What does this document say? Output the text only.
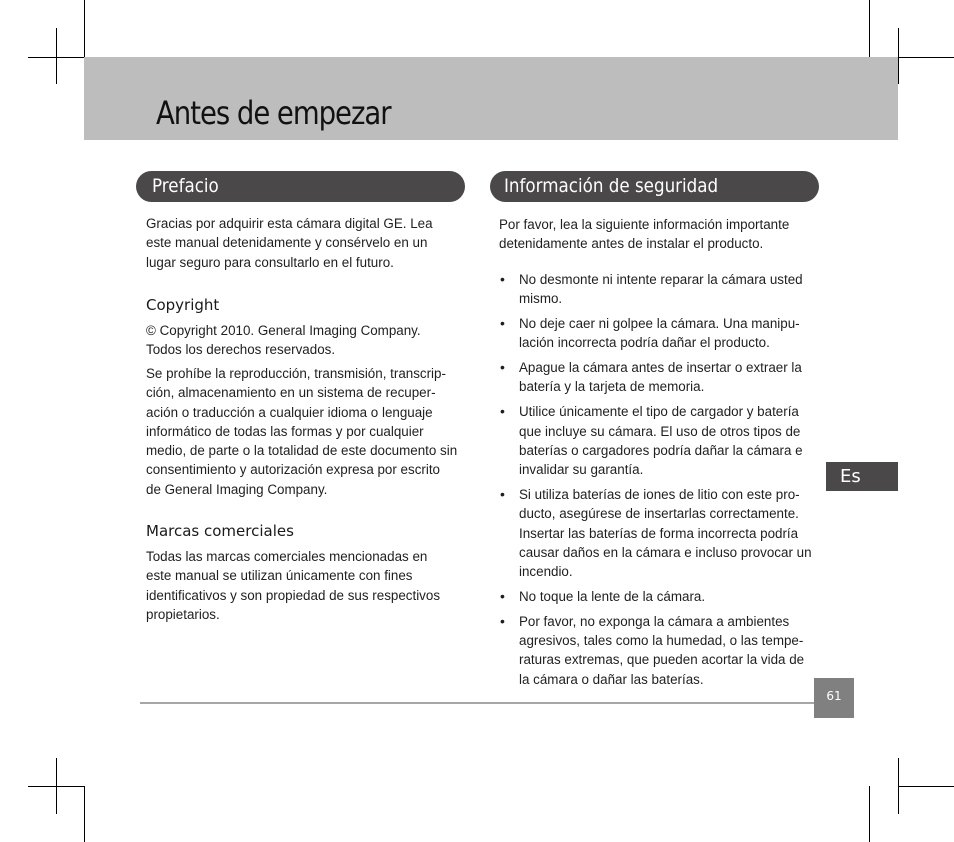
Antes de empezar
Prefacio
Gracias por adquirir esta cámara digital GE. Lea este manual detenidamente y consérvelo en un lugar seguro para consultarlo en el futuro.
Copyright
© Copyright 2010. General Imaging Company. Todos los derechos reservados.
Se prohíbe la reproducción, transmisión, transcrip-ción, almacenamiento en un sistema de recuper-ación o traducción a cualquier idioma o lenguaje informático de todas las formas y por cualquier medio, de parte o la totalidad de este documento sin consentimiento y autorización expresa por escrito de General Imaging Company.
Marcas comerciales
Todas las marcas comerciales mencionadas en este manual se utilizan únicamente con fines identificativos y son propiedad de sus respectivos propietarios.
Información de seguridad
Por favor, lea la siguiente información importante detenidamente antes de instalar el producto.
• No desmonte ni intente reparar la cámara usted mismo.
• No deje caer ni golpee la cámara. Una manipu-lación incorrecta podría dañar el producto.
• Apague la cámara antes de insertar o extraer la batería y la tarjeta de memoria.
• Utilice únicamente el tipo de cargador y batería que incluye su cámara. El uso de otros tipos de baterías o cargadores podría dañar la cámara e invalidar su garantía.
• Si utiliza baterías de iones de litio con este pro-ducto, asegúrese de insertarlas correctamente. Insertar las baterías de forma incorrecta podría causar daños en la cámara e incluso provocar un incendio.
• No toque la lente de la cámara.
• Por favor, no exponga la cámara a ambientes agresivos, tales como la humedad, o las tempe-raturas extremas, que pueden acortar la vida de la cámara o dañar las baterías.
Es
61
